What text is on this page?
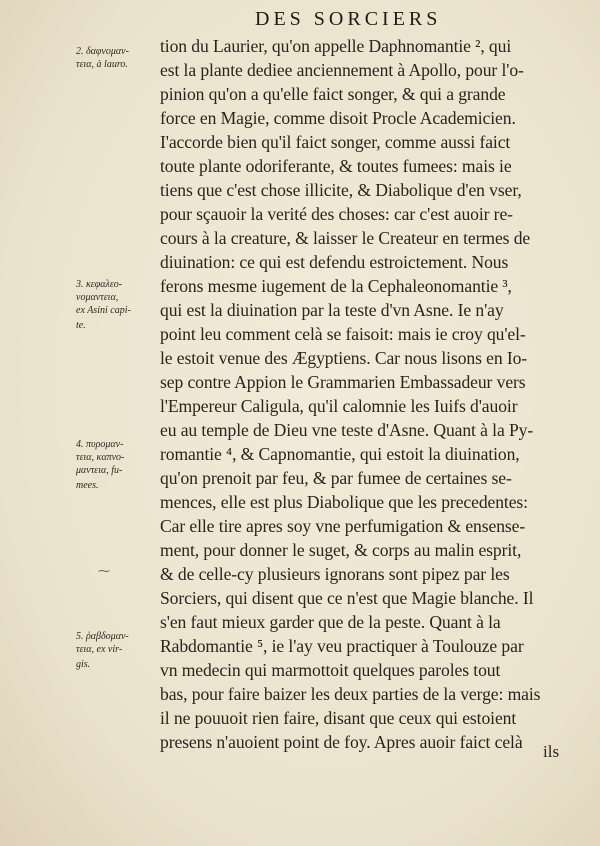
DES SORCIERS
2. δαφνομαν-
τεια, à lauro.
3. κεφαλεο-
νομαντεια,
ex Asini capi-
te.
4. πυρομαν-
τεια, καπνο-
μαντεια, fu-
mees.
5. ῥαβδομαν-
τεια, ex vir-
gis.
⁓
tion du Laurier, qu'on appelle Daphnomantie ², qui
est la plante dediee anciennement à Apollo, pour l'o-
pinion qu'on a qu'elle faict songer, & qui a grande
force en Magie, comme disoit Procle Academicien.
I'accorde bien qu'il faict songer, comme aussi faict
toute plante odoriferante, & toutes fumees: mais ie
tiens que c'est chose illicite, & Diabolique d'en vser,
pour sçauoir la verité des choses: car c'est auoir re-
cours à la creature, & laisser le Createur en termes de
diuination: ce qui est defendu estroictement. Nous
ferons mesme iugement de la Cephaleonomantie ³,
qui est la diuination par la teste d'vn Asne. Ie n'ay
point leu comment celà se faisoit: mais ie croy qu'el-
le estoit venue des Ægyptiens. Car nous lisons en Io-
sep contre Appion le Grammarien Embassadeur vers
l'Empereur Caligula, qu'il calomnie les Iuifs d'auoir
eu au temple de Dieu vne teste d'Asne. Quant à la Py-
romantie ⁴, & Capnomantie, qui estoit la diuination,
qu'on prenoit par feu, & par fumee de certaines se-
mences, elle est plus Diabolique que les precedentes:
Car elle tire apres soy vne perfumigation & ensense-
ment, pour donner le suget, & corps au malin esprit,
& de celle-cy plusieurs ignorans sont pipez par les
Sorciers, qui disent que ce n'est que Magie blanche. Il
s'en faut mieux garder que de la peste. Quant à la
Rabdomantie ⁵, ie l'ay veu practiquer à Toulouze par
vn medecin qui marmottoit quelques paroles tout
bas, pour faire baizer les deux parties de la verge: mais
il ne pouuoit rien faire, disant que ceux qui estoient
presens n'auoient point de foy. Apres auoir faict celà ils
